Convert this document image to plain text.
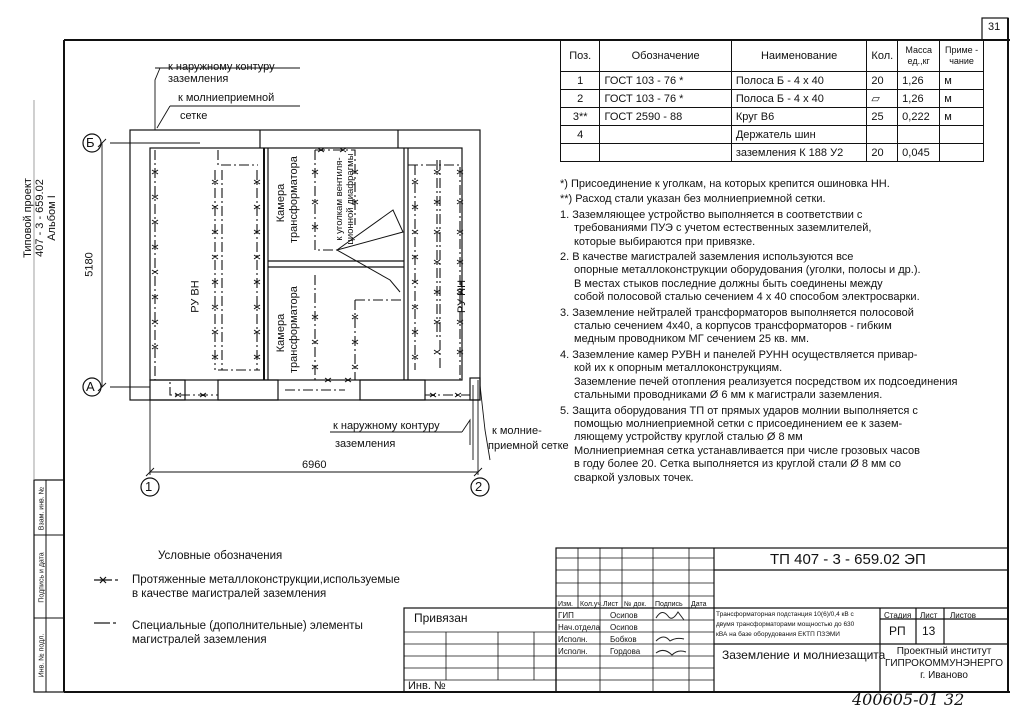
31
Типовой проект 407 - 3 - 659.02 Альбом I
Инв. № подл.
Подпись и дата
Взам. инв. №
Б
А
1	2
5180
6960
РУ ВН	РУ НН
Камера трансформатора
Камера трансформатора
к уголкам вентиля- ционной диафрагмы
к наружному контуру
заземления
к молниеприемной
сетке
к наружному контуру
заземления
к молние-
приемной сетке
Поз.	Обозначение	Наименование	Кол.	Масса ед.,кг	Приме - чание
1	ГОСТ 103 - 76 *	Полоса Б - 4 х 40	20	1,26	м
2	ГОСТ 103 - 76 *	Полоса Б - 4 х 40	▱	1,26	м
3**	ГОСТ 2590 - 88	Круг В6	25	0,222	м
4		Держатель шин			
		заземления К 188 У2	20	0,045	

*) Присоединение к уголкам, на которых крепится ошиновка НН.

**) Расход стали указан без молниеприемной сетки.

1. Заземляющее устройство выполняется в соответствии с

требованиями ПУЭ с учетом естественных заземлителей,

которые выбираются при привязке.

2. В качестве магистралей заземления используются все

опорные металлоконструкции оборудования (уголки, полосы и др.).

В местах стыков последние должны быть соединены между

собой полосовой сталью сечением 4 х 40 способом электросварки.

3. Заземление нейтралей трансформаторов выполняется полосовой

сталью сечением 4х40, а корпусов трансформаторов - гибким

медным проводником МГ сечением 25 кв. мм.

4. Заземление камер РУВН и панелей РУНН осуществляется привар-

кой их к опорным металлоконструкциям.

Заземление печей отопления реализуется посредством их подсоединения

стальными проводниками Ø 6 мм к магистрали заземления.

5. Защита оборудования ТП от прямых ударов молнии выполняется с

помощью молниеприемной сетки с присоединением ее к зазем-

ляющему устройству круглой сталью Ø 8 мм

Молниеприемная сетка устанавливается при числе грозовых часов

в году более 20. Сетка выполняется из круглой стали Ø 8 мм со

сваркой узловых точек.

Условные обозначения
Протяженные металлоконструкции,используемые
в качестве магистралей заземления
Специальные (дополнительные) элементы
магистралей заземления
ТП 407 - 3 - 659.02 ЭП
Привязан
Инв. №
Изм. Кол.уч. Лист № док. Подпись Дата
ГИП	Осипов
Нач.отдела Осипов
Исполн.	Бобков
Исполн.	Гордова
Трансформаторная подстанция 10(6)/0,4 кВ с
двумя трансформаторами мощностью до 630
кВА на базе оборудования ЕКТП ПЗЭМИ
Заземление и молниезащита
Стадия Лист Листов
РП 13
Проектный институт
ГИПРОКОММУНЭНЕРГО
г. Иваново
400605-01 32
